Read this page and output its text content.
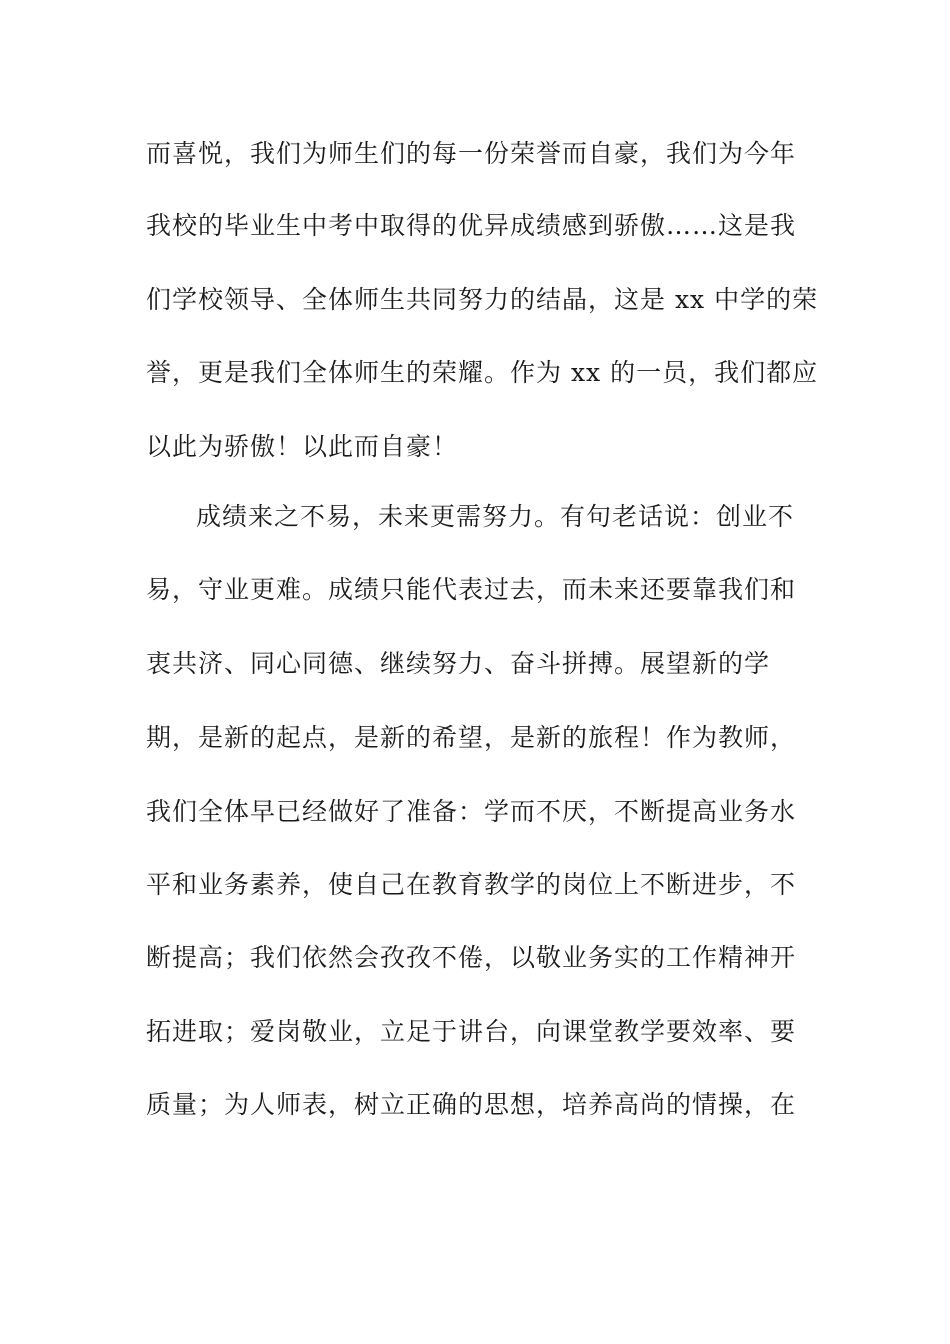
而喜悦，我们为师生们的每一份荣誉而自豪，我们为今年
我校的毕业生中考中取得的优异成绩感到骄傲……这是我
们学校领导、全体师生共同努力的结晶，这是 xx 中学的荣
誉，更是我们全体师生的荣耀。作为 xx 的一员，我们都应
以此为骄傲！以此而自豪！
成绩来之不易，未来更需努力。有句老话说：创业不
易，守业更难。成绩只能代表过去，而未来还要靠我们和
衷共济、同心同德、继续努力、奋斗拼搏。展望新的学
期，是新的起点，是新的希望，是新的旅程！作为教师，
我们全体早已经做好了准备：学而不厌，不断提高业务水
平和业务素养，使自己在教育教学的岗位上不断进步，不
断提高；我们依然会孜孜不倦，以敬业务实的工作精神开
拓进取；爱岗敬业，立足于讲台，向课堂教学要效率、要
质量；为人师表，树立正确的思想，培养高尚的情操，在
